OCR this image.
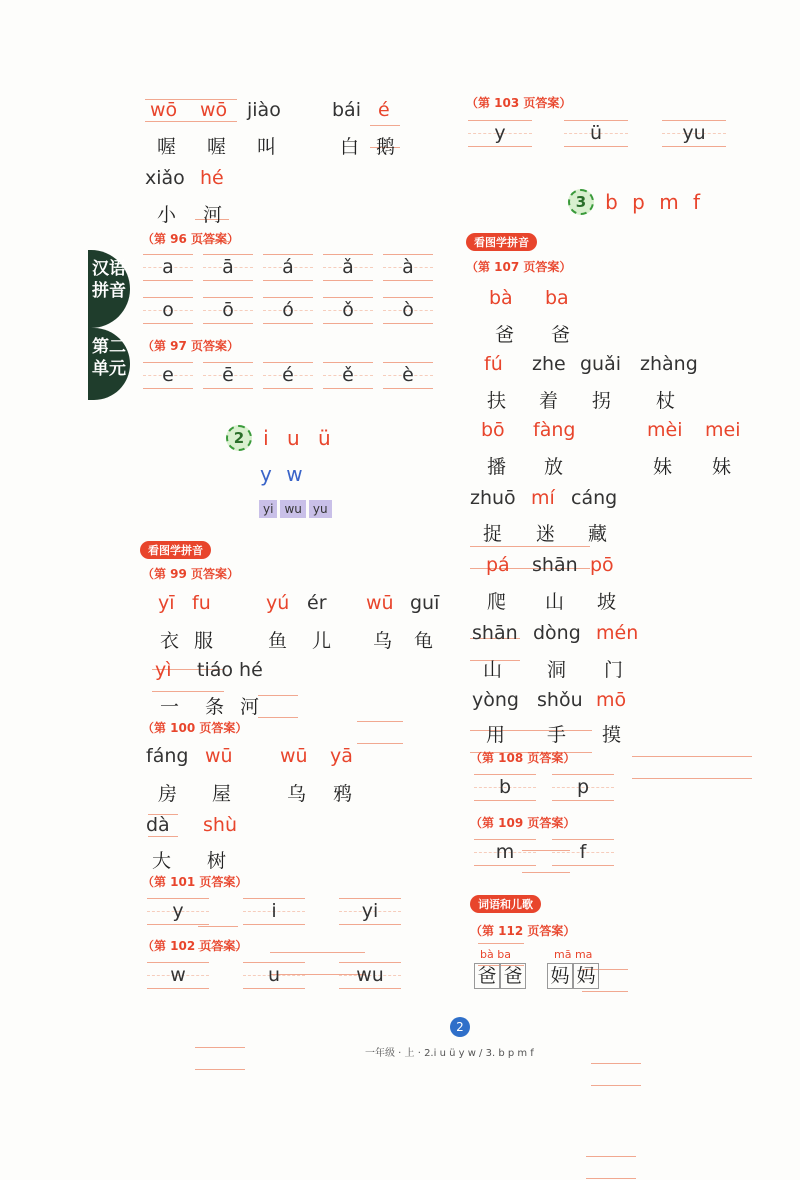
wō wō jiào	bái é
喔 喔 叫	白 鹅
xiǎo hé
小 河
（第 96 页答案）
a	ā	á	ǎ	à
o	ō	ó	ǒ	ò
（第 97 页答案）
e	ē	é	ě	è
汉语拼音
第二单元
2 i u ü
y w
yi wu yu
看图学拼音
（第 99 页答案）
yī fu	yú ér wū guī
衣 服	鱼 儿 乌 龟
yì tiáo hé
一 条 河
（第 100 页答案）
fáng wū wū yā
房 屋	乌 鸦
dà shù
大 树
（第 101 页答案）
y	i	yi
（第 102 页答案）
w	u	wu
（第 103 页答案）
y	ü	yu
3 b p m f
看图学拼音
（第 107 页答案）
bà ba
爸 爸
fú zhe guǎi zhàng
扶 着 拐 杖
bō fàng	mèi mei
播 放	妹 妹
zhuō mí cáng
捉 迷 藏
pá shān pō
爬 山 坡
shān dòng mén
山 洞 门
yòng shǒu mō
用 手 摸
（第 108 页答案）
b	p
（第 109 页答案）
m	f
词语和儿歌
（第 112 页答案）
bà ba	mā ma
爸 爸 妈 妈
2
一年级 · 上 · 2.i u ü y w / 3. b p m f
